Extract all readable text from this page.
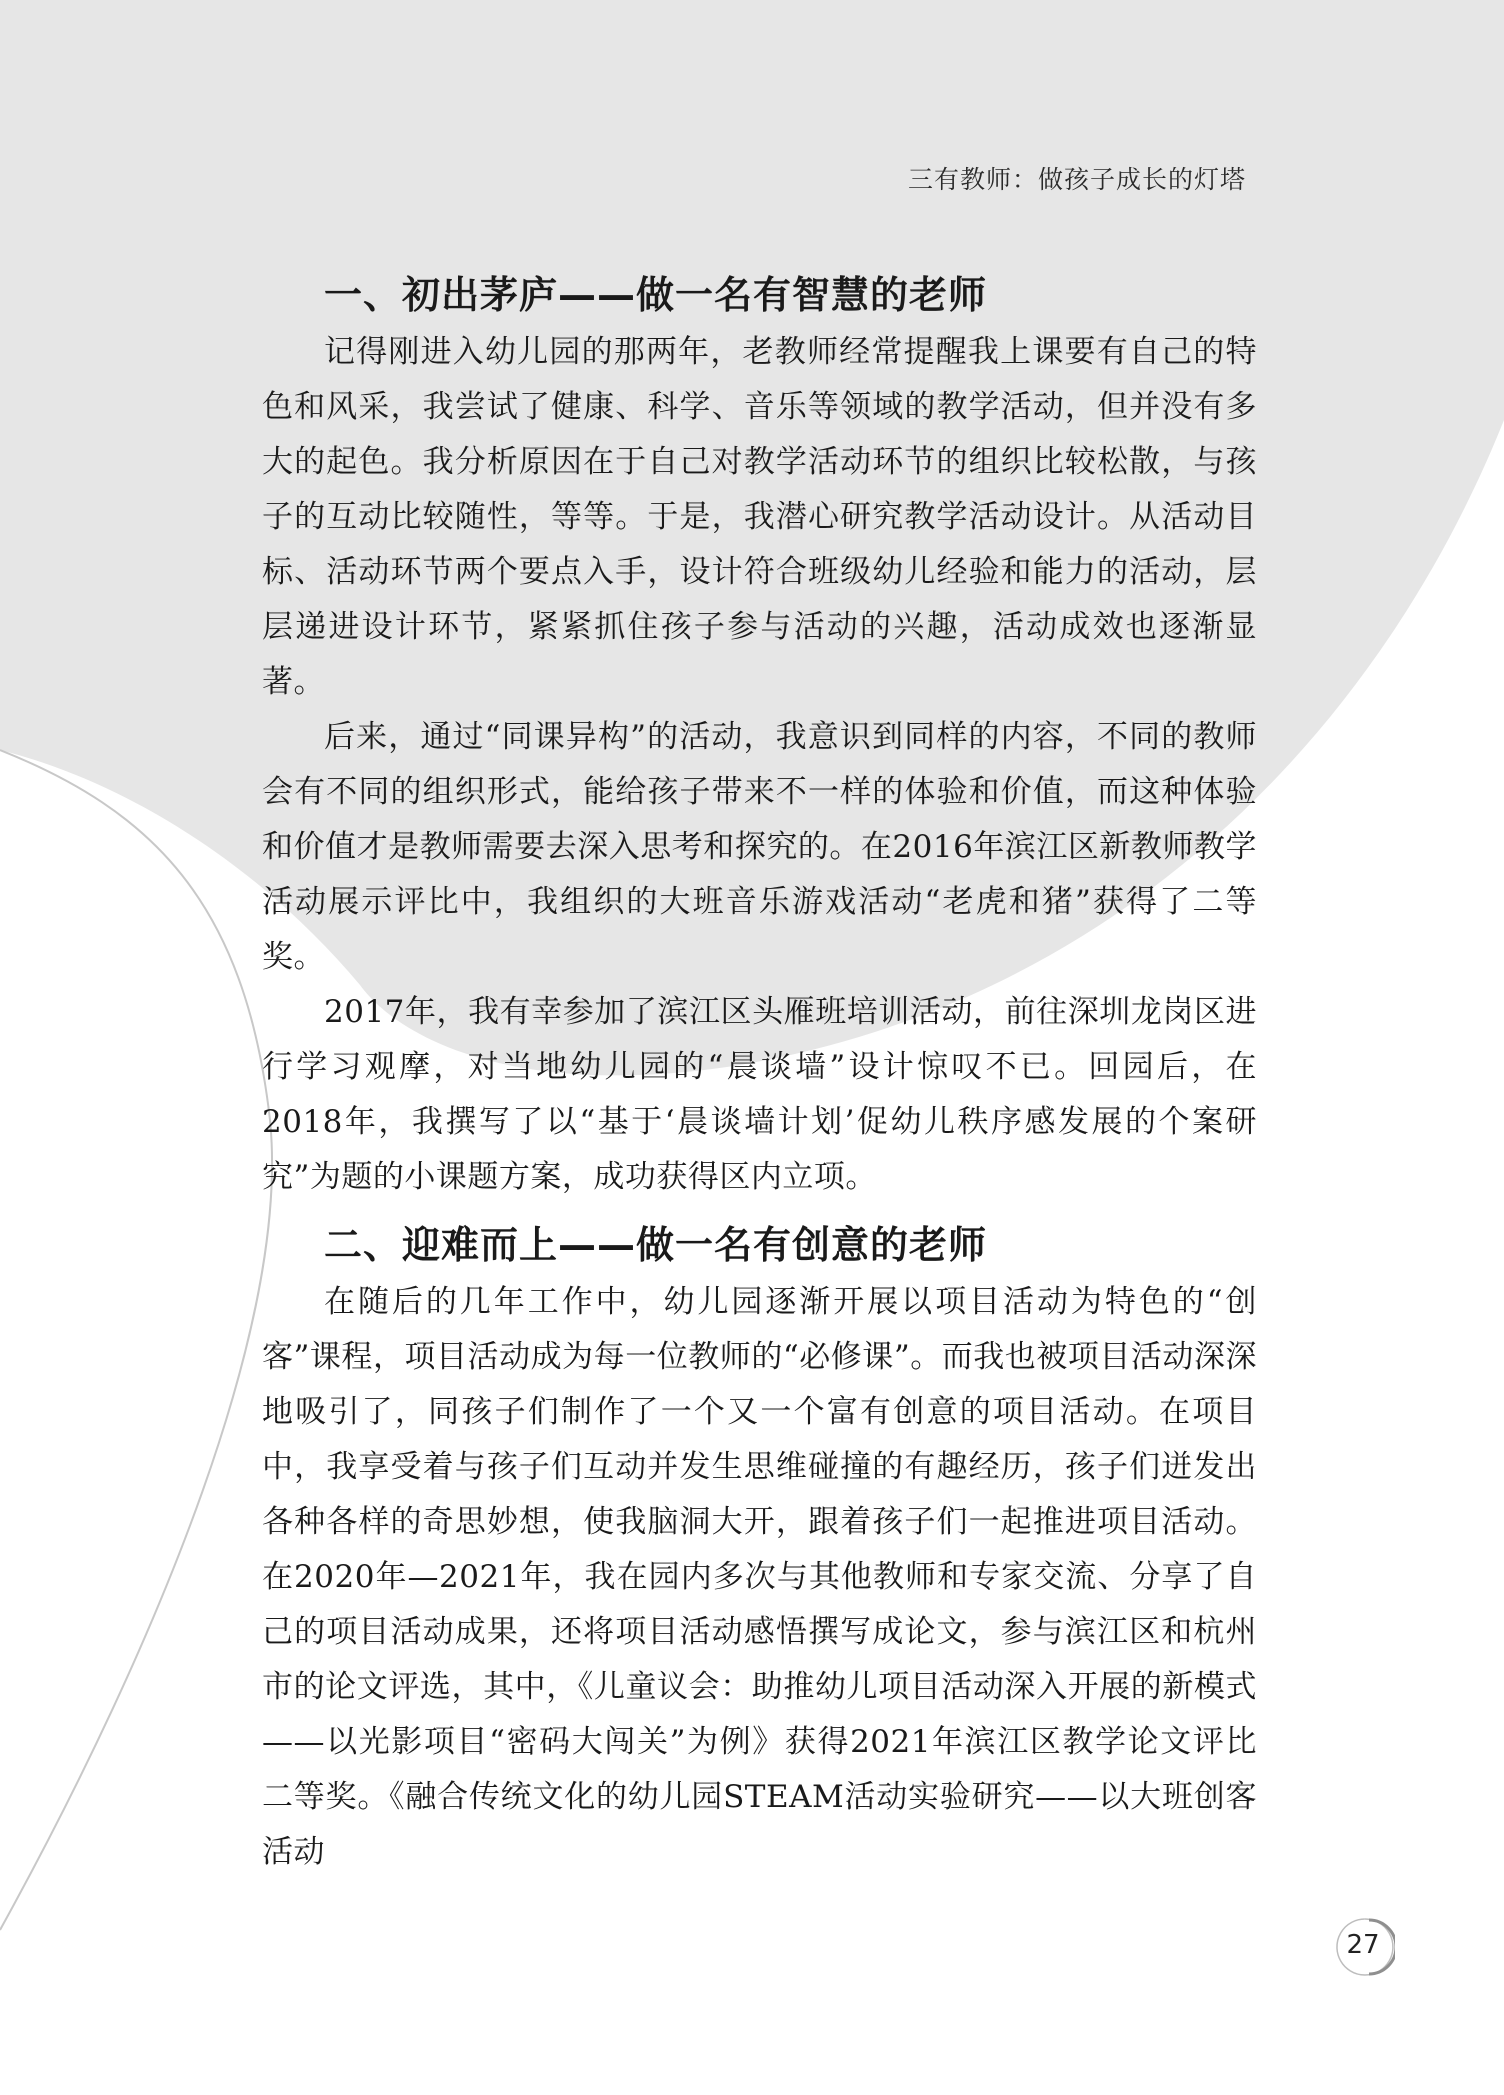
三有教师：做孩子成长的灯塔
一、初出茅庐——做一名有智慧的老师

记得刚进入幼儿园的那两年，老教师经常提醒我上课要有自己的特色和风采，我尝试了健康、科学、音乐等领域的教学活动，但并没有多大的起色。我分析原因在于自己对教学活动环节的组织比较松散，与孩子的互动比较随性，等等。于是，我潜心研究教学活动设计。从活动目标、活动环节两个要点入手，设计符合班级幼儿经验和能力的活动，层层递进设计环节，紧紧抓住孩子参与活动的兴趣，活动成效也逐渐显著。

后来，通过“同课异构”的活动，我意识到同样的内容，不同的教师会有不同的组织形式，能给孩子带来不一样的体验和价值，而这种体验和价值才是教师需要去深入思考和探究的。在2016年滨江区新教师教学活动展示评比中，我组织的大班音乐游戏活动“老虎和猪”获得了二等奖。

2017年，我有幸参加了滨江区头雁班培训活动，前往深圳龙岗区进行学习观摩，对当地幼儿园的“晨谈墙”设计惊叹不已。回园后，在2018年，我撰写了以“基于‘晨谈墙计划’促幼儿秩序感发展的个案研究”为题的小课题方案，成功获得区内立项。

二、迎难而上——做一名有创意的老师

在随后的几年工作中，幼儿园逐渐开展以项目活动为特色的“创客”课程，项目活动成为每一位教师的“必修课”。而我也被项目活动深深地吸引了，同孩子们制作了一个又一个富有创意的项目活动。在项目中，我享受着与孩子们互动并发生思维碰撞的有趣经历，孩子们迸发出各种各样的奇思妙想，使我脑洞大开，跟着孩子们一起推进项目活动。在2020年—2021年，我在园内多次与其他教师和专家交流、分享了自己的项目活动成果，还将项目活动感悟撰写成论文，参与滨江区和杭州市的论文评选，其中，《儿童议会：助推幼儿项目活动深入开展的新模式——以光影项目“密码大闯关”为例》获得2021年滨江区教学论文评比二等奖。《融合传统文化的幼儿园STEAM活动实验研究——以大班创客活动

27
